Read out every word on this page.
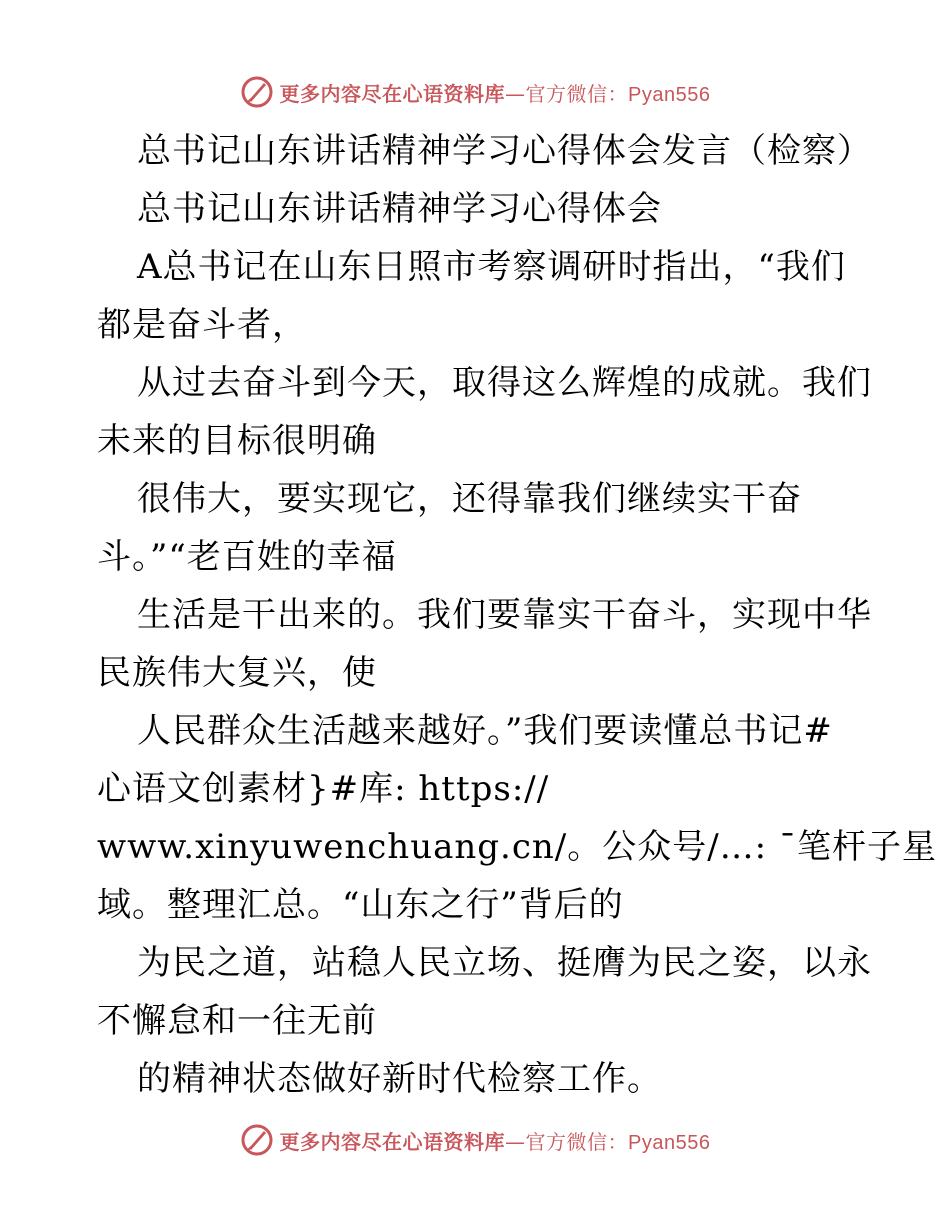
更多内容尽在心语资料库—官方微信：Pyan556
总书记山东讲话精神学习心得体会发言（检察）
总书记山东讲话精神学习心得体会
A总书记在山东日照市考察调研时指出，“我们
都是奋斗者，
从过去奋斗到今天，取得这么辉煌的成就。我们
未来的目标很明确
很伟大，要实现它，还得靠我们继续实干奋
斗。”“老百姓的幸福
生活是干出来的。我们要靠实干奋斗，实现中华
民族伟大复兴，使
人民群众生活越来越好。”我们要读懂总书记#
心语文创素材}#库: https://
www.xinyuwenchuang.cn/。公众号/…: ¯笔杆子星
域。整理汇总。“山东之行”背后的
为民之道，站稳人民立场、挺膺为民之姿，以永
不懈怠和一往无前
的精神状态做好新时代检察工作。
更多内容尽在心语资料库—官方微信：Pyan556
